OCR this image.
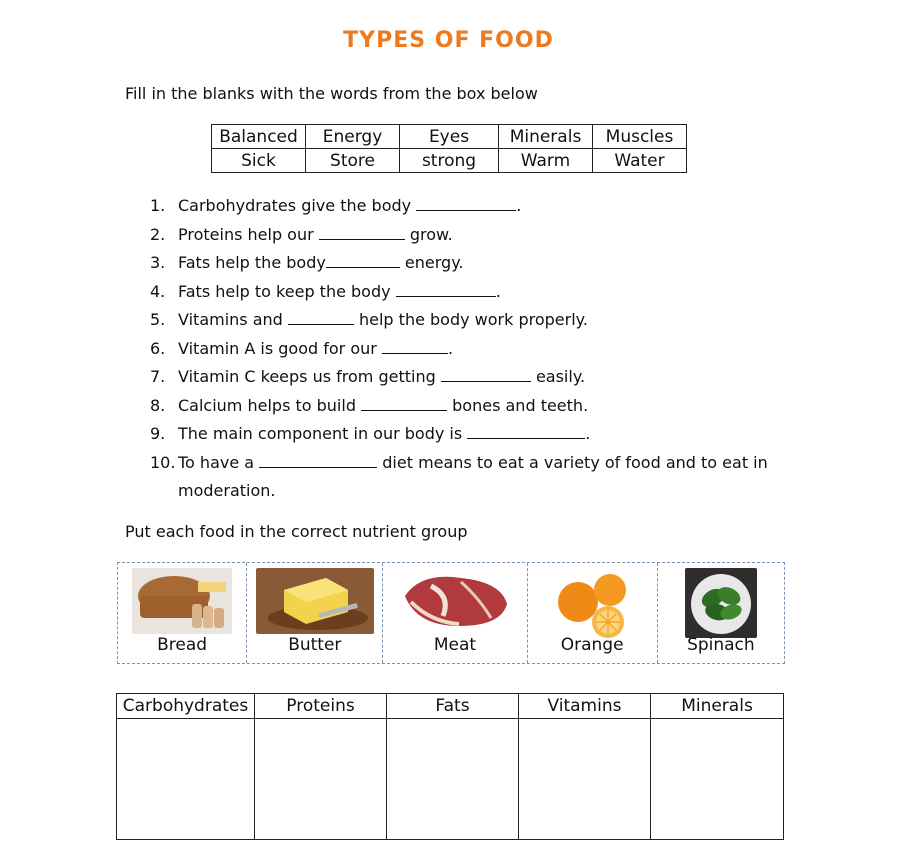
TYPES OF FOOD
Fill in the blanks with the words from the box below
Balanced	Energy	Eyes	Minerals	Muscles
Sick	Store	strong	Warm	Water
1. Carbohydrates give the body	.
2. Proteins help our	grow.
3. Fats help the body	energy.
4. Fats help to keep the body	.
5. Vitamins and	help the body work properly.
6. Vitamin A is good for our	.
7. Vitamin C keeps us from getting	easily.
8. Calcium helps to build	bones and teeth.
9. The main component in our body is	.
10. To have a	diet means to eat a variety of food and to eat in moderation.
Put each food in the correct nutrient group
Bread	Butter	Meat	Orange	Spinach
Carbohydrates	Proteins	Fats	Vitamins	Minerals
